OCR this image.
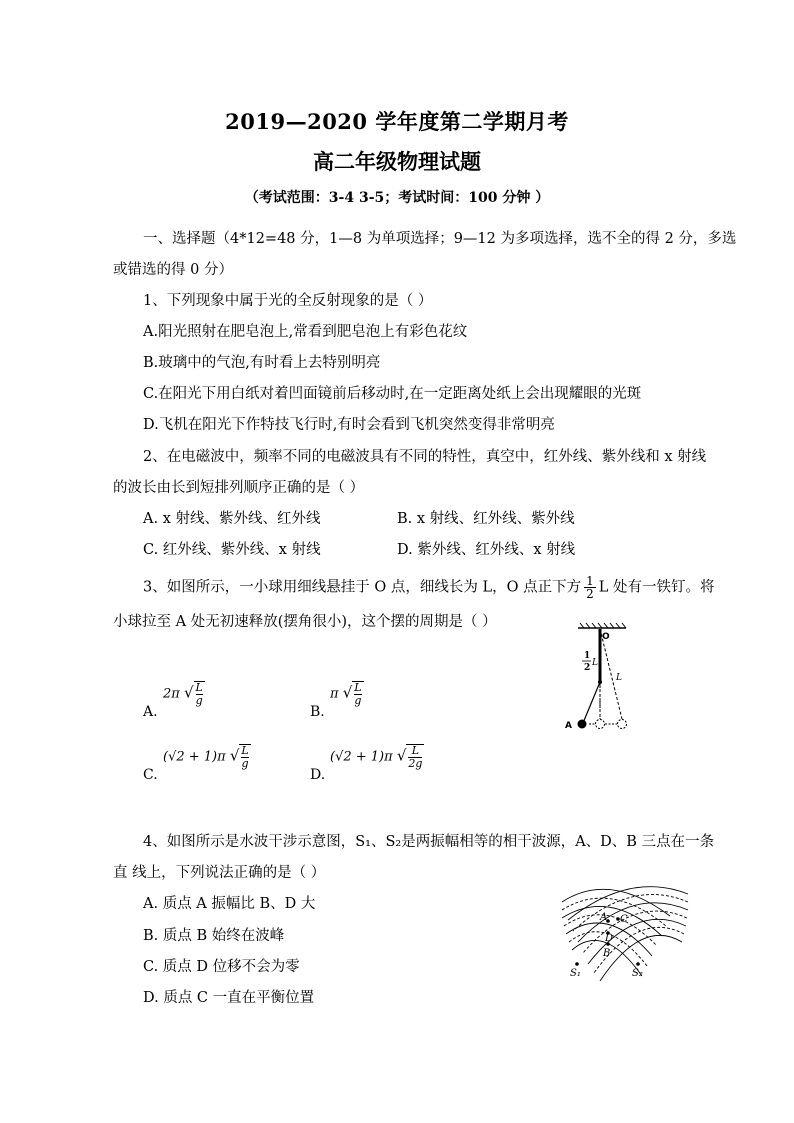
2019—2020 学年度第二学期月考
高二年级物理试题
（考试范围：3-4 3-5；考试时间：100 分钟 ）
一、选择题（4*12=48 分，1—8 为单项选择；9—12 为多项选择，选不全的得 2 分，多选
或错选的得 0 分）
1、下列现象中属于光的全反射现象的是（ ）
A.阳光照射在肥皂泡上,常看到肥皂泡上有彩色花纹
B.玻璃中的气泡,有时看上去特别明亮
C.在阳光下用白纸对着凹面镜前后移动时,在一定距离处纸上会出现耀眼的光斑
D.飞机在阳光下作特技飞行时,有时会看到飞机突然变得非常明亮
2、在电磁波中，频率不同的电磁波具有不同的特性，真空中，红外线、紫外线和 x 射线
的波长由长到短排列顺序正确的是（ ）
A. x 射线、紫外线、红外线	B. x 射线、红外线、紫外线
C. 红外线、紫外线、x 射线	D. 紫外线、红外线、x 射线
3、如图所示，一小球用细线悬挂于 O 点，细线长为 L，O 点正下方 $\frac{1}{2}$ L 处有一铁钉。将
小球拉至 A 处无初速释放(摆角很小)，这个摆的周期是（ ）
A.
2π √ $\frac{L}{g}$
B.
π √ $\frac{L}{g}$
C.
(√2 + 1)π √ $\frac{L}{g}$
D.
(√2 + 1)π √ $\frac{L}{2g}$
O
1
2 L
L
A
4、如图所示是水波干涉示意图，S₁、S₂是两振幅相等的相干波源，A、D、B 三点在一条
直 线上，下列说法正确的是（ ）
A. 质点 A 振幅比 B、D 大
B. 质点 B 始终在波峰
C. 质点 D 位移不会为零
D. 质点 C 一直在平衡位置
A C
D
B
S₁	S₂
